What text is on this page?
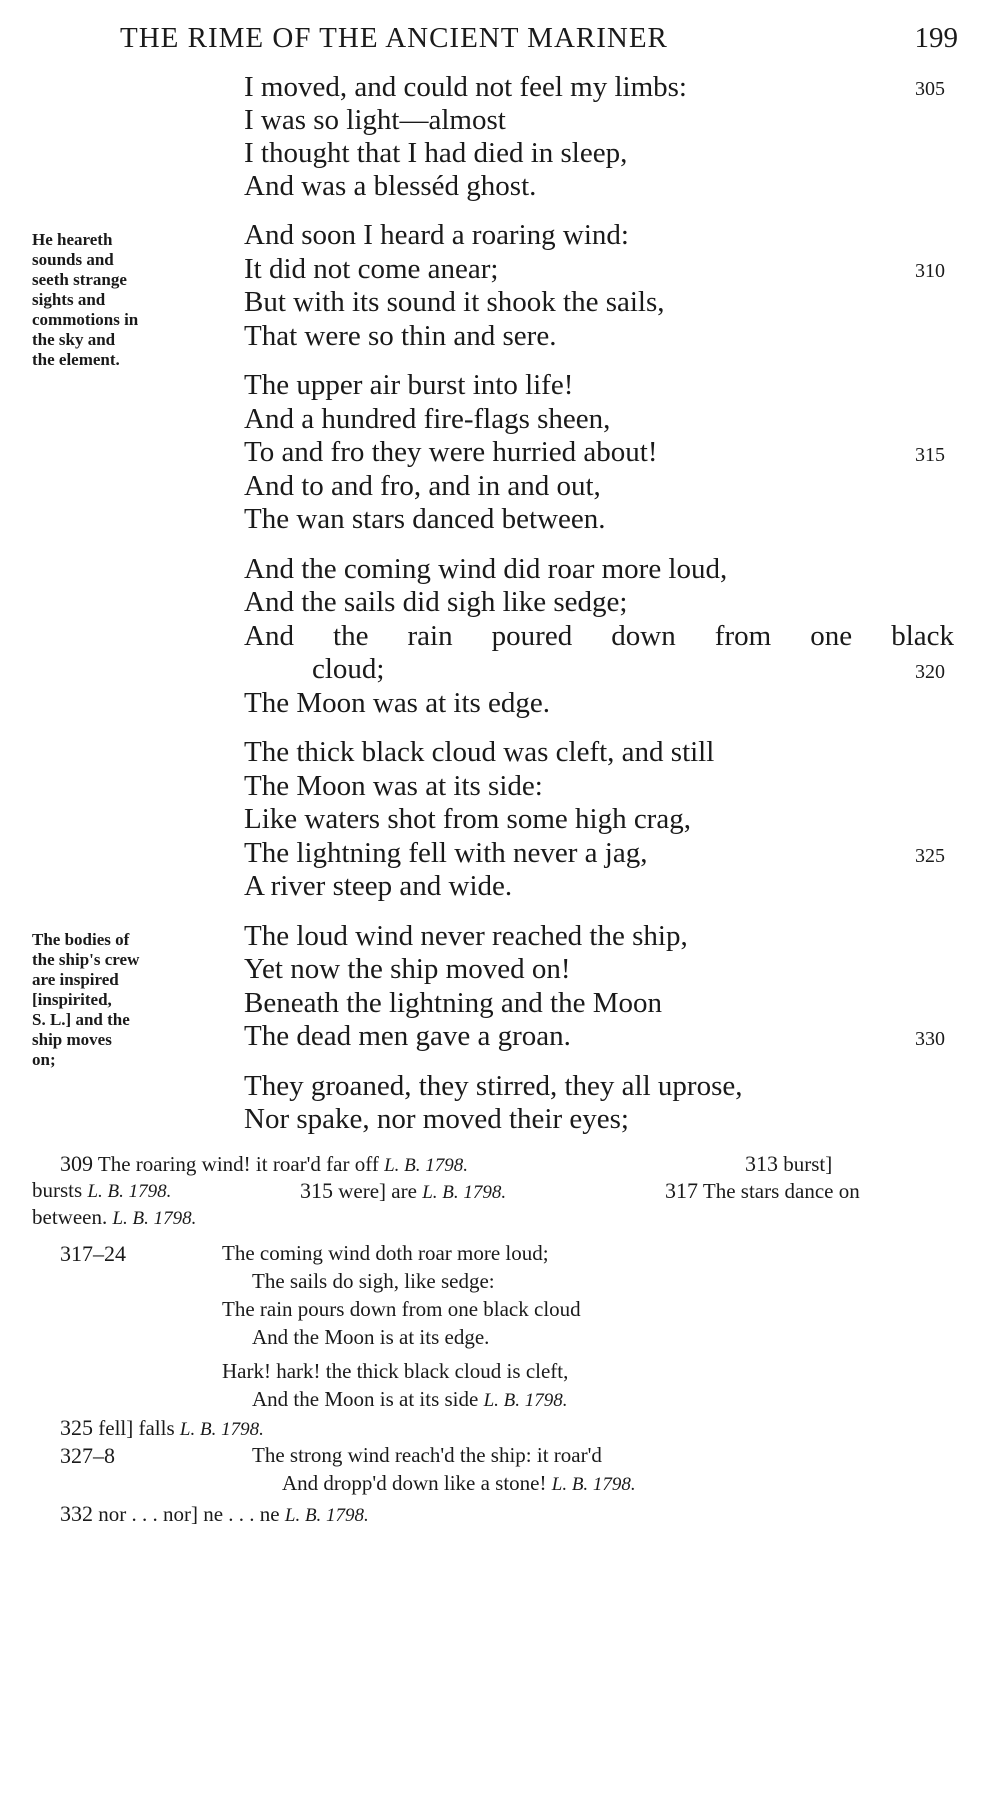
THE RIME OF THE ANCIENT MARINER	199
I moved, and could not feel my limbs:	305
I was so light—almost
I thought that I had died in sleep,
And was a blesséd ghost.
And soon I heard a roaring wind:
It did not come anear;	310
But with its sound it shook the sails,
That were so thin and sere.
The upper air burst into life!
And a hundred fire-flags sheen,
To and fro they were hurried about!	315
And to and fro, and in and out,
The wan stars danced between.
And the coming wind did roar more loud,
And the sails did sigh like sedge;
And the rain poured down from one black
cloud;	320
The Moon was at its edge.
The thick black cloud was cleft, and still
The Moon was at its side:
Like waters shot from some high crag,
The lightning fell with never a jag,	325
A river steep and wide.
The loud wind never reached the ship,
Yet now the ship moved on!
Beneath the lightning and the Moon
The dead men gave a groan.	330
They groaned, they stirred, they all uprose,
Nor spake, nor moved their eyes;
He heareth
sounds and
seeth strange
sights and
commotions in
the sky and
the element.
The bodies of
the ship's crew
are inspired
[inspirited,
S. L.] and the
ship moves
on;
309 The roaring wind! it roar'd far off L. B. 1798.	313 burst]
bursts L. B. 1798.	315 were] are L. B. 1798.	317 The stars dance on
between. L. B. 1798.
317–24	The coming wind doth roar more loud;
The sails do sigh, like sedge:
The rain pours down from one black cloud
And the Moon is at its edge.
Hark! hark! the thick black cloud is cleft,
And the Moon is at its side L. B. 1798.
325 fell] falls L. B. 1798.
327–8	The strong wind reach'd the ship: it roar'd
And dropp'd down like a stone! L. B. 1798.
332 nor . . . nor] ne . . . ne L. B. 1798.
